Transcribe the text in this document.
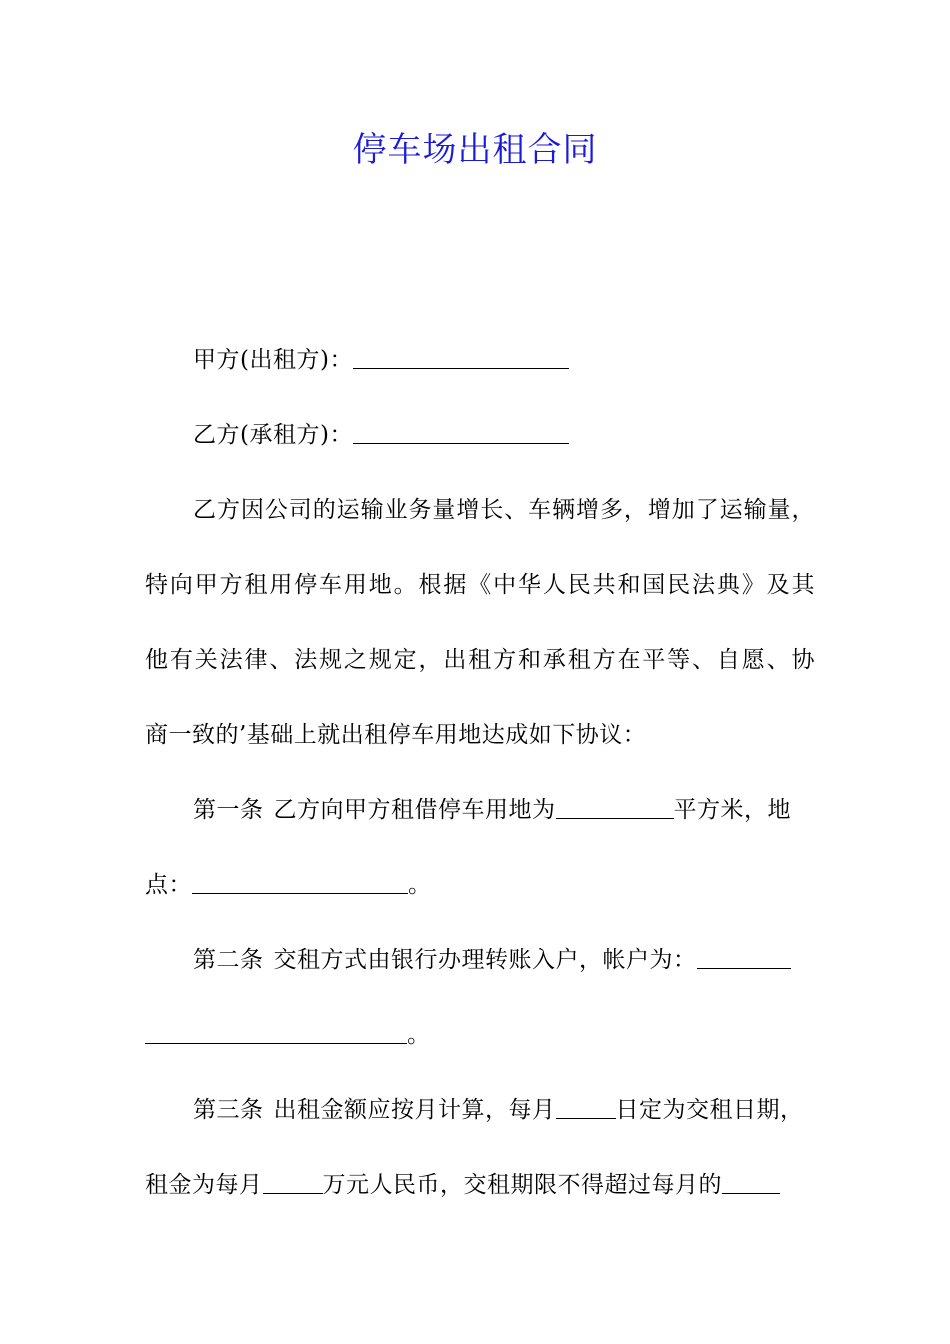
停车场出租合同
甲方(出租方)：
乙方(承租方)：
乙方因公司的运输业务量增长、车辆增多，增加了运输量，
特向甲方租用停车用地。根据《中华人民共和国民法典》及其
他有关法律、法规之规定，出租方和承租方在平等、自愿、协
商一致的’基础上就出租停车用地达成如下协议：
第一条 乙方向甲方租借停车用地为	平方米，地
点：	。
第二条 交租方式由银行办理转账入户，帐户为：
。
第三条 出租金额应按月计算，每月	日定为交租日期，
租金为每月	万元人民币，交租期限不得超过每月的
